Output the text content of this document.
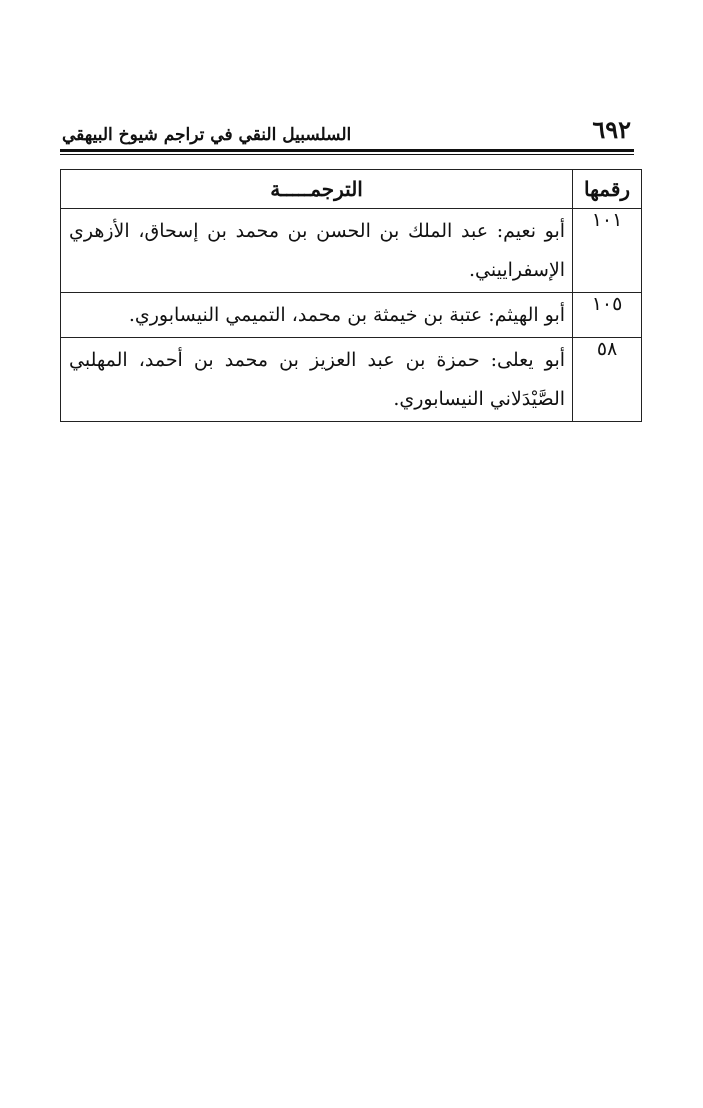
السلسبيل النقي في تراجم شيوخ البيهقي	٦٩٢
رقمها	الترجمـــــة
١٠١	أبو نعيم: عبد الملك بن الحسن بن محمد بن إسحاق، الأزهري الإسفراييني.
١٠٥	أبو الهيثم: عتبة بن خيمثة بن محمد، التميمي النيسابوري.
٥٨	أبو يعلى: حمزة بن عبد العزيز بن محمد بن أحمد، المهلبي الصَّيْدَلاني النيسابوري.
